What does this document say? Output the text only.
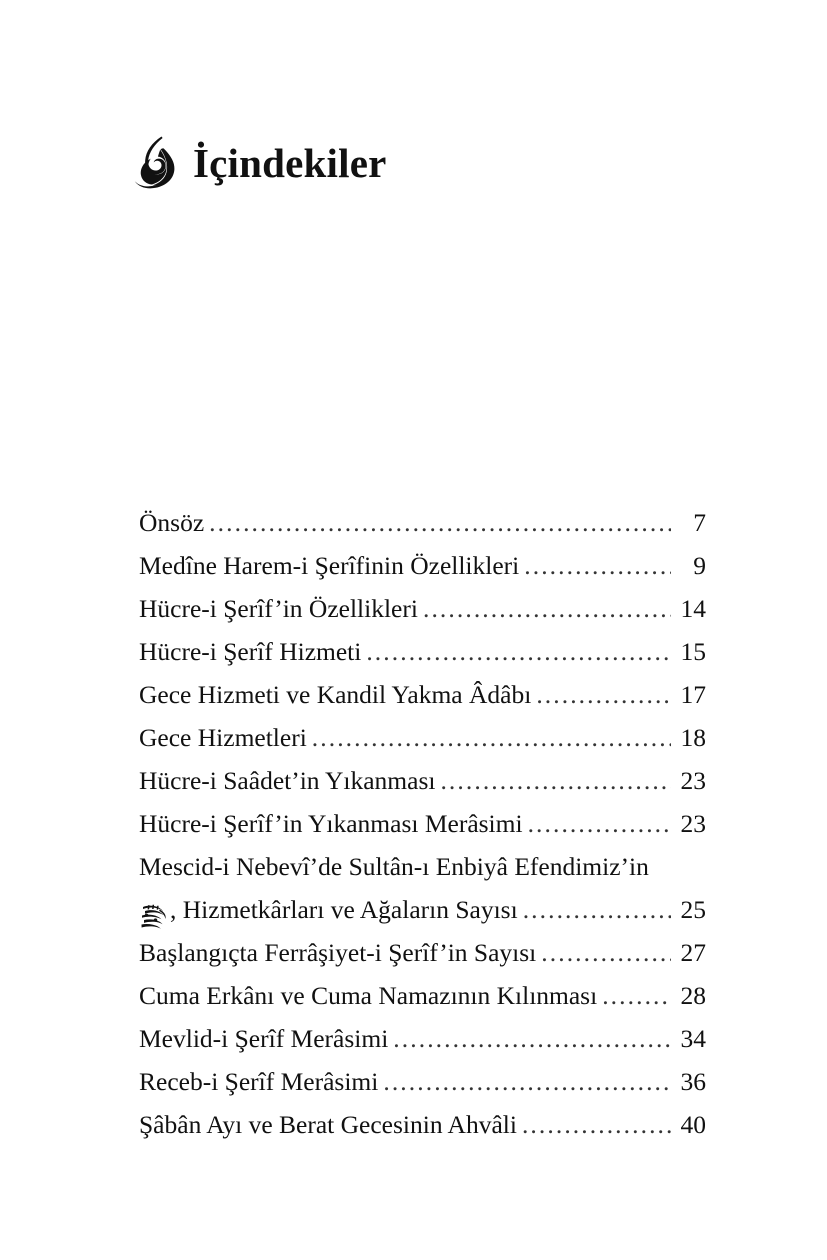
İçindekiler
Önsöz .....	7
Medîne Harem-i Şerîfinin Özellikleri .....	9
Hücre-i Şerîf’in Özellikleri .....	14
Hücre-i Şerîf Hizmeti .....	15
Gece Hizmeti ve Kandil Yakma Âdâbı .....	17
Gece Hizmetleri .....	18
Hücre-i Saâdet’in Yıkanması .....	23
Hücre-i Şerîf’in Yıkanması Merâsimi .....	23
Mescid-i Nebevî’de Sultân-ı Enbiyâ Efendimiz’in
, Hizmetkârları ve Ağaların Sayısı .....	25
Başlangıçta Ferrâşiyet-i Şerîf’in Sayısı .....	27
Cuma Erkânı ve Cuma Namazının Kılınması .....	28
Mevlid-i Şerîf Merâsimi .....	34
Receb-i Şerîf Merâsimi .....	36
Şâbân Ayı ve Berat Gecesinin Ahvâli .....	40
